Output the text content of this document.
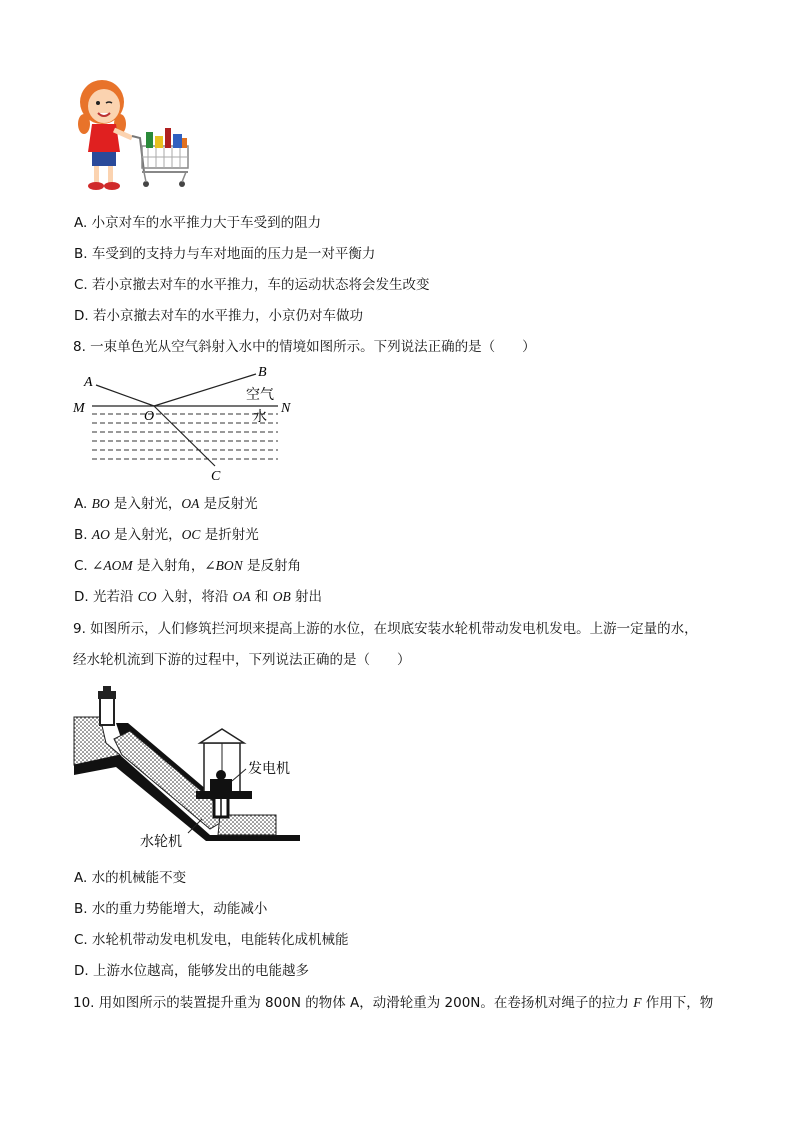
A. 小京对车的水平推力大于车受到的阻力
B. 车受到的支持力与车对地面的压力是一对平衡力
C. 若小京撤去对车的水平推力，车的运动状态将会发生改变
D. 若小京撤去对车的水平推力，小京仍对车做功
8. 一束单色光从空气斜射入水中的情境如图所示。下列说法正确的是（　　）
A
B
M	N
O
C
空气
水
A. BO 是入射光，OA 是反射光
B. AO 是入射光，OC 是折射光
C. ∠AOM 是入射角，∠BON 是反射角
D. 光若沿 CO 入射，将沿 OA 和 OB 射出
9. 如图所示，人们修筑拦河坝来提高上游的水位，在坝底安装水轮机带动发电机发电。上游一定量的水，
经水轮机流到下游的过程中，下列说法正确的是（　　）
发电机
水轮机
A. 水的机械能不变
B. 水的重力势能增大，动能减小
C. 水轮机带动发电机发电，电能转化成机械能
D. 上游水位越高，能够发出的电能越多
10. 用如图所示的装置提升重为 800N 的物体 A，动滑轮重为 200N。在卷扬机对绳子的拉力 F 作用下，物
